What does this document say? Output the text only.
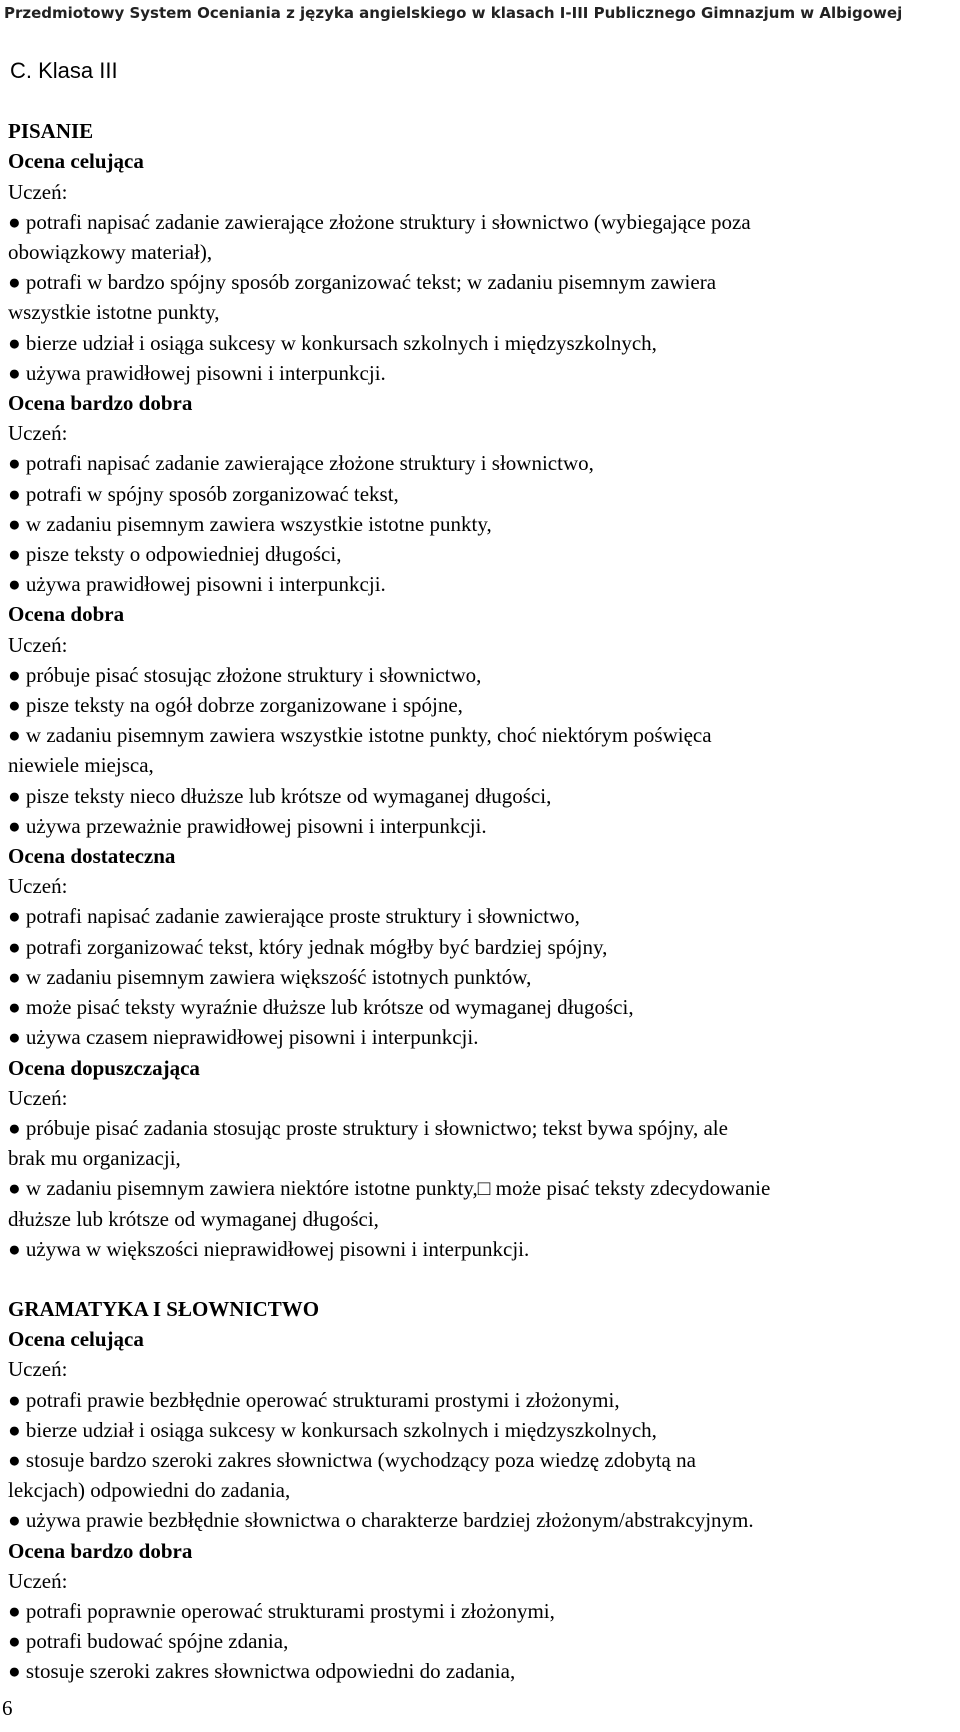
Przedmiotowy System Oceniania z języka angielskiego w klasach I-III Publicznego Gimnazjum w Albigowej

C. Klasa III

PISANIE

Ocena celująca

Uczeń:

● potrafi napisać zadanie zawierające złożone struktury i słownictwo (wybiegające poza

obowiązkowy materiał),

● potrafi w bardzo spójny sposób zorganizować tekst; w zadaniu pisemnym zawiera

wszystkie istotne punkty,

● bierze udział i osiąga sukcesy w konkursach szkolnych i międzyszkolnych,

● używa prawidłowej pisowni i interpunkcji.

Ocena bardzo dobra

Uczeń:

● potrafi napisać zadanie zawierające złożone struktury i słownictwo,

● potrafi w spójny sposób zorganizować tekst,

● w zadaniu pisemnym zawiera wszystkie istotne punkty,

● pisze teksty o odpowiedniej długości,

● używa prawidłowej pisowni i interpunkcji.

Ocena dobra

Uczeń:

● próbuje pisać stosując złożone struktury i słownictwo,

● pisze teksty na ogół dobrze zorganizowane i spójne,

● w zadaniu pisemnym zawiera wszystkie istotne punkty, choć niektórym poświęca

niewiele miejsca,

● pisze teksty nieco dłuższe lub krótsze od wymaganej długości,

● używa przeważnie prawidłowej pisowni i interpunkcji.

Ocena dostateczna

Uczeń:

● potrafi napisać zadanie zawierające proste struktury i słownictwo,

● potrafi zorganizować tekst, który jednak mógłby być bardziej spójny,

● w zadaniu pisemnym zawiera większość istotnych punktów,

● może pisać teksty wyraźnie dłuższe lub krótsze od wymaganej długości,

● używa czasem nieprawidłowej pisowni i interpunkcji.

Ocena dopuszczająca

Uczeń:

● próbuje pisać zadania stosując proste struktury i słownictwo; tekst bywa spójny, ale

brak mu organizacji,

● w zadaniu pisemnym zawiera niektóre istotne punkty,□ może pisać teksty zdecydowanie

dłuższe lub krótsze od wymaganej długości,

● używa w większości nieprawidłowej pisowni i interpunkcji.

GRAMATYKA I SŁOWNICTWO

Ocena celująca

Uczeń:

● potrafi prawie bezbłędnie operować strukturami prostymi i złożonymi,

● bierze udział i osiąga sukcesy w konkursach szkolnych i międzyszkolnych,

● stosuje bardzo szeroki zakres słownictwa (wychodzący poza wiedzę zdobytą na

lekcjach) odpowiedni do zadania,

● używa prawie bezbłędnie słownictwa o charakterze bardziej złożonym/abstrakcyjnym.

Ocena bardzo dobra

Uczeń:

● potrafi poprawnie operować strukturami prostymi i złożonymi,

● potrafi budować spójne zdania,

● stosuje szeroki zakres słownictwa odpowiedni do zadania,

6
